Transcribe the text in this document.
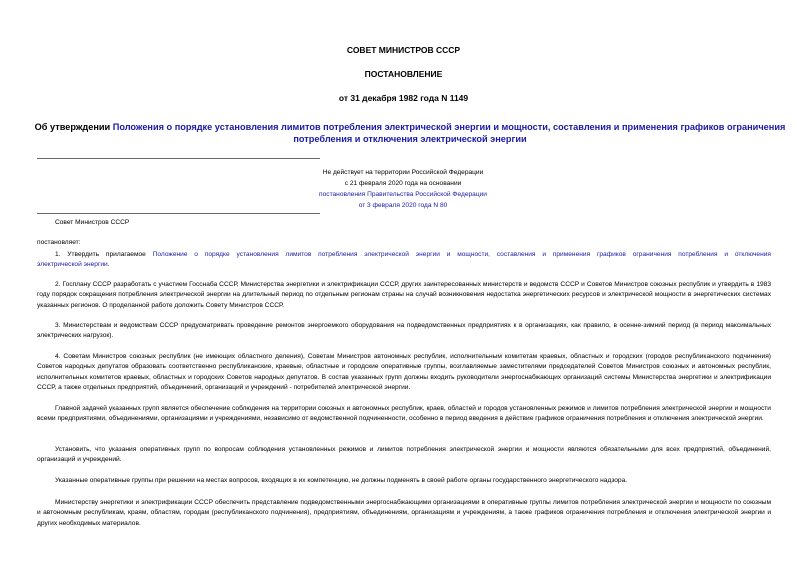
СОВЕТ МИНИСТРОВ СССР
ПОСТАНОВЛЕНИЕ
от 31 декабря 1982 года N 1149
Об утверждении Положения о порядке установления лимитов потребления электрической энергии и мощности, составления и применения графиков ограничения
потребления и отключения электрической энергии
Не действует на территории Российской Федерации
с 21 февраля 2020 года на основании
постановления Правительства Российской Федерации
от 3 февраля 2020 года N 80
Совет Министров СССР
постановляет:
1. Утвердить прилагаемое Положение о порядке установления лимитов потребления электрической энергии и мощности, составления и применения графиков ограничения потребления и отключения
электрической энергии.
2. Госплану СССР разработать с участием Госснаба СССР, Министерства энергетики и электрификации СССР, других заинтересованных министерств и ведомств СССР и Советов Министров союзных республик и утвердить в 1983 году порядок сокращения потребления электрической энергии на длительный период по отдельным регионам страны на случай возникновения недостатка энергетических ресурсов и электрической мощности в энергетических системах указанных регионов. О проделанной работе доложить Совету Министров СССР.
3. Министерствам и ведомствам СССР предусматривать проведение ремонтов энергоемкого оборудования на подведомственных предприятиях к в организациях, как правило, в осенне-зимний период (в период максимальных электрических нагрузок).
4. Советам Министров союзных республик (не имеющих областного деления), Советам Министров автономных республик, исполнительным комитетам краевых, областных и городских (городов республиканского подчинения) Советов народных депутатов образовать соответственно республиканские, краевые, областные и городские оперативные группы, возглавляемые заместителями председателей Советов Министров союзных и автономных республик, исполнительных комитетов краевых, областных и городских Советов народных депутатов. В состав указанных групп должны входить руководители энергоснабжающих организаций системы Министерства энергетики и электрификации СССР, а также отдельных предприятий, объединений, организаций и учреждений - потребителей электрической энергии.
Главной задачей указанных групп является обеспечение соблюдения на территории союзных и автономных республик, краев, областей и городов установленных режимов и лимитов потребления электрической энергии и мощности всеми предприятиями, объединениями, организациями и учреждениями, независимо от ведомственной подчиненности, особенно в период введения в действие графиков ограничения потребления и отключения электрической энергии.
Установить, что указания оперативных групп по вопросам соблюдения установленных режимов и лимитов потребления электрической энергии и мощности являются обязательными для всех предприятий, объединений, организаций и учреждений.
Указанные оперативные группы при решении на местах вопросов, входящих в их компетенцию, не должны подменять в своей работе органы государственного энергетического надзора.
Министерству энергетики и электрификации СССР обеспечить представление подведомственными энергоснабжающими организациями в оперативные группы лимитов потребления электрической энергии и мощности по союзным и автономным республикам, краям, областям, городам (республиканского подчинения), предприятиям, объединениям, организациям и учреждениям, а также графиков ограничения потребления и отключения электрической энергии и других необходимых материалов.
